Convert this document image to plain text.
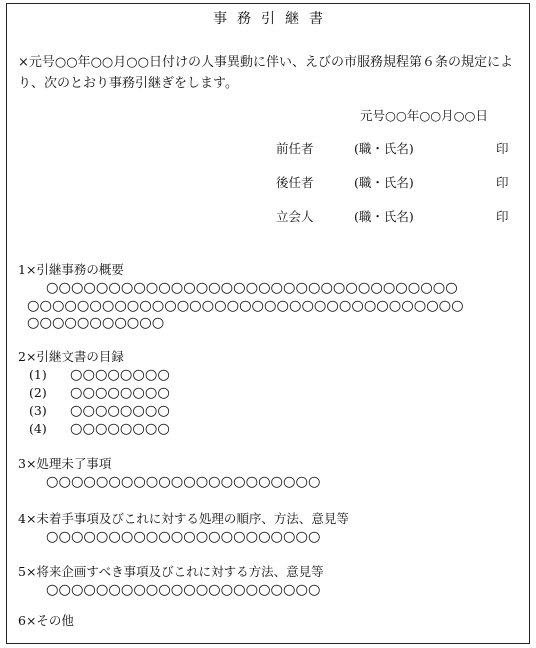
事務引継書
×元号○○年○○月○○日付けの人事異動に伴い、えびの市服務規程第６条の規定により、次のとおり事務引継ぎをします。
元号○○年○○月○○日
前任者	(職・氏名)	印
後任者	(職・氏名)	印
立会人	(職・氏名)	印
1×引継事務の概要
○○○○○○○○○○○○○○○○○○○○○○○○○○○○○○○○○
○○○○○○○○○○○○○○○○○○○○○○○○○○○○○○○○○○○
○○○○○○○○○○○
2×引継文書の目録
(1) ○○○○○○○○
(2) ○○○○○○○○
(3) ○○○○○○○○
(4) ○○○○○○○○
3×処理未了事項
○○○○○○○○○○○○○○○○○○○○○○
4×未着手事項及びこれに対する処理の順序、方法、意見等
○○○○○○○○○○○○○○○○○○○○○○
5×将来企画すべき事項及びこれに対する方法、意見等
○○○○○○○○○○○○○○○○○○○○○○
6×その他
